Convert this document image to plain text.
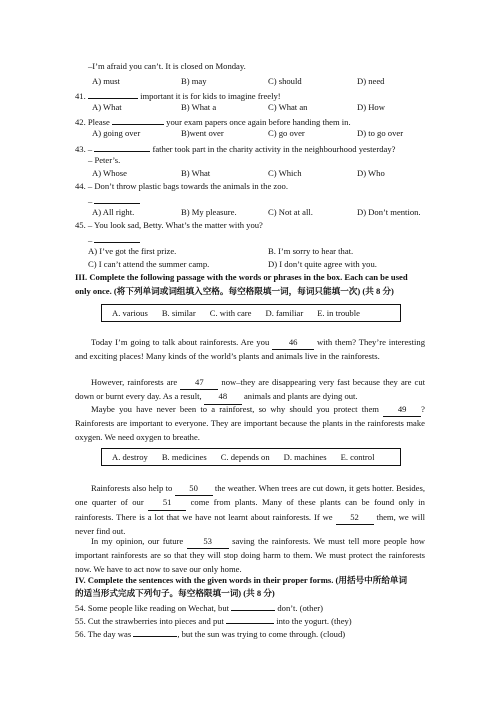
–I’m afraid you can’t. It is closed on Monday.
A) must	B) may	C) should	D) need
41.	important it is for kids to imagine freely!
A) What	B) What a	C) What an	D) How
42. Please	your exam papers once again before handing them in.
A) going over	B)went over	C) go over	D) to go over
43. –	father took part in the charity activity in the neighbourhood yesterday?
– Peter’s.
A) Whose	B) What	C) Which	D) Who
44. – Don’t throw plastic bags towards the animals in the zoo.
–
A) All right.	B) My pleasure.	C) Not at all.	D) Don’t mention.
45. – You look sad, Betty. What’s the matter with you?
–
A) I’ve got the first prize.	B. I’m sorry to hear that.
C) I can’t attend the summer camp.	D) I don’t quite agree with you.
III. Complete the following passage with the words or phrases in the box. Each can be used
only once. (将下列单词或词组填入空格。每空格限填一词，每词只能填一次) (共 8 分)
A. various B. similar C. with care D. familiar E. in trouble
Today I’m going to talk about rainforests. Are you 46 with them? They’re interesting and exciting places! Many kinds of the world’s plants and animals live in the rainforests.
However, rainforests are 47 now–they are disappearing very fast because they are cut down or burnt every day. As a result, 48 animals and plants are dying out.
Maybe you have never been to a rainforest, so why should you protect them 49 ? Rainforests are important to everyone. They are important because the plants in the rainforests make oxygen. We need oxygen to breathe.
A. destroy B. medicines C. depends on D. machines E. control
Rainforests also help to 50 the weather. When trees are cut down, it gets hotter. Besides, one quarter of our 51 come from plants. Many of these plants can be found only in rainforests. There is a lot that we have not learnt about rainforests. If we 52 them, we will never find out.
In my opinion, our future 53 saving the rainforests. We must tell more people how important rainforests are so that they will stop doing harm to them. We must protect the rainforests now. We have to act now to save our only home.
IV. Complete the sentences with the given words in their proper forms. (用括号中所给单词
的适当形式完成下列句子。每空格限填一词) (共 8 分)
54. Some people like reading on Wechat, but	don’t. (other)
55. Cut the strawberries into pieces and put	into the yogurt. (they)
56. The day was	, but the sun was trying to come through. (cloud)
